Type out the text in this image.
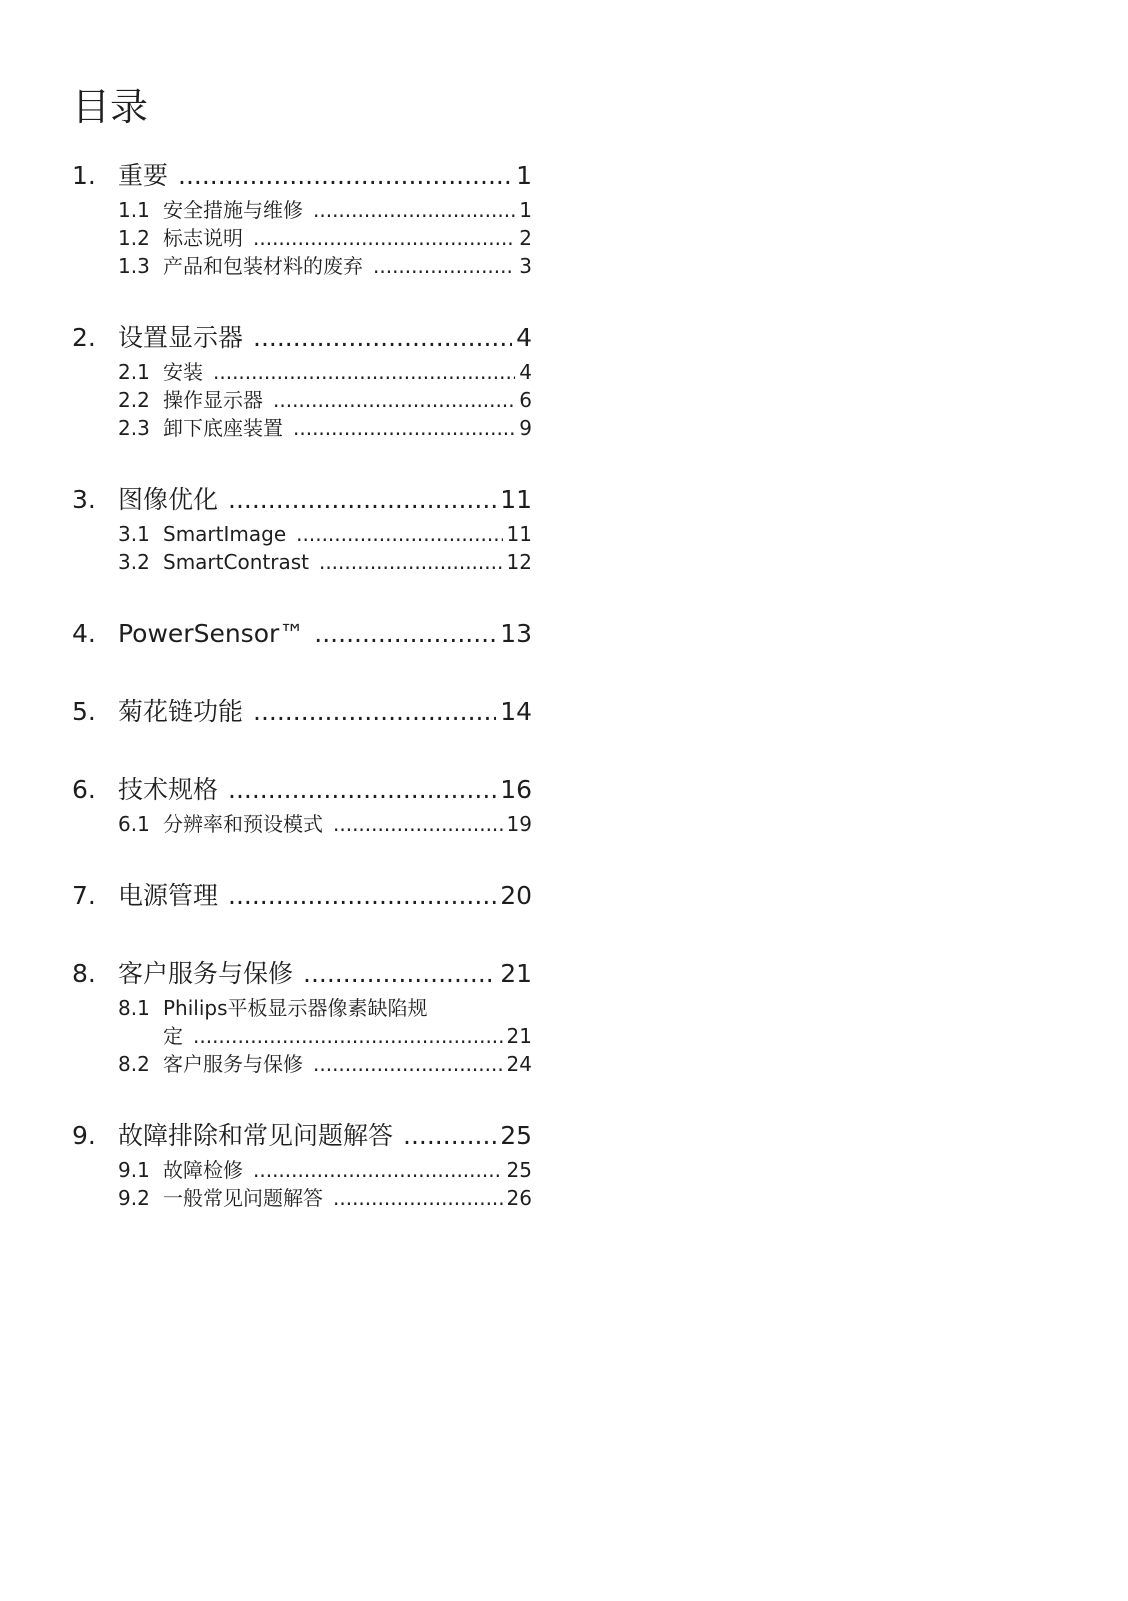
目录
1. 重要 .....	1
1.1 安全措施与维修 .....	1
1.2 标志说明 .....	2
1.3 产品和包装材料的废弃 .....	3
2. 设置显示器 .....	4
2.1 安装 .....	4
2.2 操作显示器 .....	6
2.3 卸下底座装置 .....	9
3. 图像优化 .....	11
3.1 SmartImage .....	11
3.2 SmartContrast .....	12
4. PowerSensor™ .....	13
5. 菊花链功能 .....	14
6. 技术规格 .....	16
6.1 分辨率和预设模式 .....	19
7. 电源管理 .....	20
8. 客户服务与保修 .....	21
8.1 Philips平板显示器像素缺陷规
定 .....	21
8.2 客户服务与保修 .....	24
9. 故障排除和常见问题解答 .....	25
9.1 故障检修 .....	25
9.2 一般常见问题解答 .....	26
